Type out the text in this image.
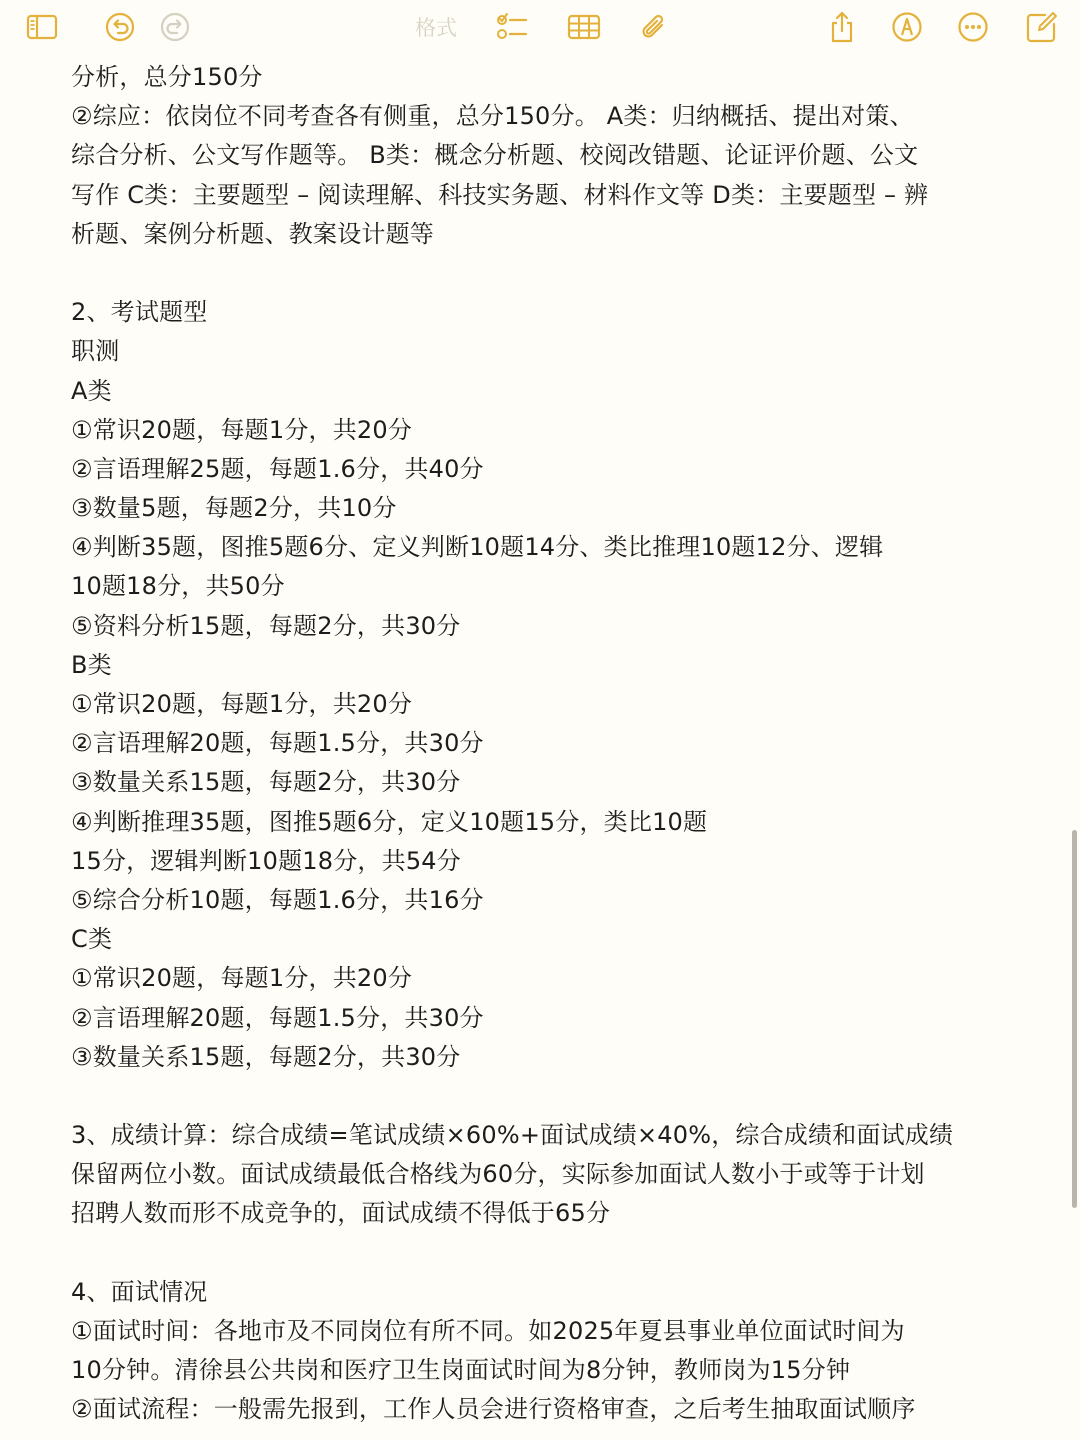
格式
分析，总分150分
②综应：依岗位不同考查各有侧重，总分150分。 A类：归纳概括、提出对策、
综合分析、公文写作题等。 B类：概念分析题、校阅改错题、论证评价题、公文
写作 C类：主要题型 – 阅读理解、科技实务题、材料作文等 D类：主要题型 – 辨
析题、案例分析题、教案设计题等
2、考试题型
职测
A类
①常识20题，每题1分，共20分
②言语理解25题，每题1.6分，共40分
③数量5题，每题2分，共10分
④判断35题，图推5题6分、定义判断10题14分、类比推理10题12分、逻辑
10题18分，共50分
⑤资料分析15题，每题2分，共30分
B类
①常识20题，每题1分，共20分
②言语理解20题，每题1.5分，共30分
③数量关系15题，每题2分，共30分
④判断推理35题，图推5题6分，定义10题15分，类比10题
15分，逻辑判断10题18分，共54分
⑤综合分析10题，每题1.6分，共16分
C类
①常识20题，每题1分，共20分
②言语理解20题，每题1.5分，共30分
③数量关系15题，每题2分，共30分
3、成绩计算：综合成绩=笔试成绩×60%+面试成绩×40%，综合成绩和面试成绩
保留两位小数。面试成绩最低合格线为60分，实际参加面试人数小于或等于计划
招聘人数而形不成竞争的，面试成绩不得低于65分
4、面试情况
①面试时间：各地市及不同岗位有所不同。如2025年夏县事业单位面试时间为
10分钟。清徐县公共岗和医疗卫生岗面试时间为8分钟，教师岗为15分钟
②面试流程：一般需先报到，工作人员会进行资格审查，之后考生抽取面试顺序
